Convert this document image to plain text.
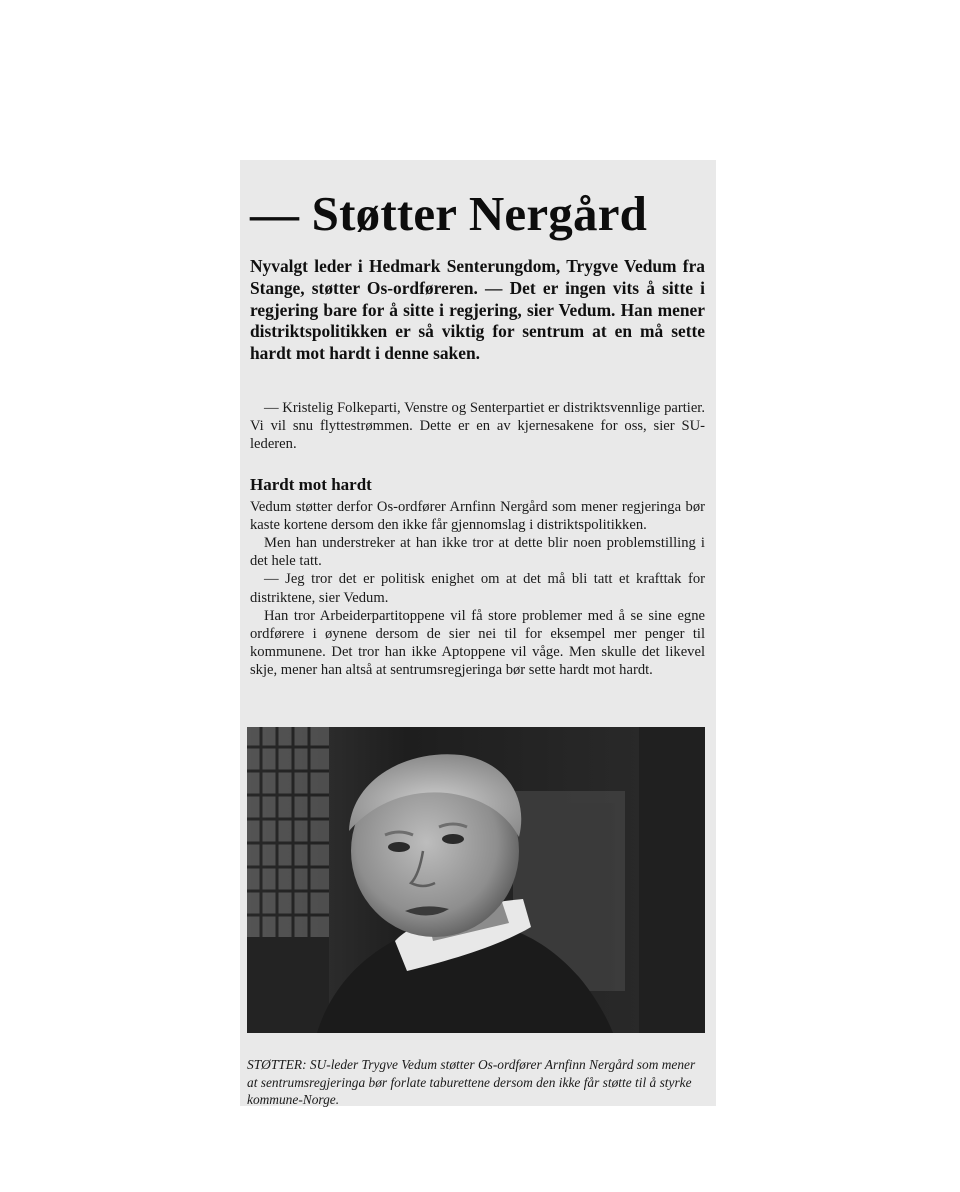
— Støtter Nergård

Nyvalgt leder i Hedmark Senterungdom, Trygve Vedum fra Stange, støtter Os-ordføreren. — Det er ingen vits å sitte i regjering bare for å sitte i regjering, sier Vedum. Han mener distriktspolitikken er så viktig for sentrum at en må sette hardt mot hardt i denne saken.

— Kristelig Folkeparti, Venstre og Senterpartiet er distriktsvennlige partier. Vi vil snu flyttestrømmen. Dette er en av kjernesakene for oss, sier SU-lederen.

Hardt mot hardt

Vedum støtter derfor Os-ordfører Arnfinn Nergård som mener regjeringa bør kaste kortene dersom den ikke får gjennomslag i distriktspolitikken.

Men han understreker at han ikke tror at dette blir noen problemstilling i det hele tatt.

— Jeg tror det er politisk enighet om at det må bli tatt et krafttak for distriktene, sier Vedum.

Han tror Arbeiderpartitoppene vil få store problemer med å se sine egne ordførere i øynene dersom de sier nei til for eksempel mer penger til kommunene. Det tror han ikke Aptoppene vil våge. Men skulle det likevel skje, mener han altså at sentrumsregjeringa bør sette hardt mot hardt.

STØTTER: SU-leder Trygve Vedum støtter Os-ordfører Arnfinn Nergård som mener at sentrumsregjeringa bør forlate taburettene dersom den ikke får støtte til å styrke kommune-Norge.
